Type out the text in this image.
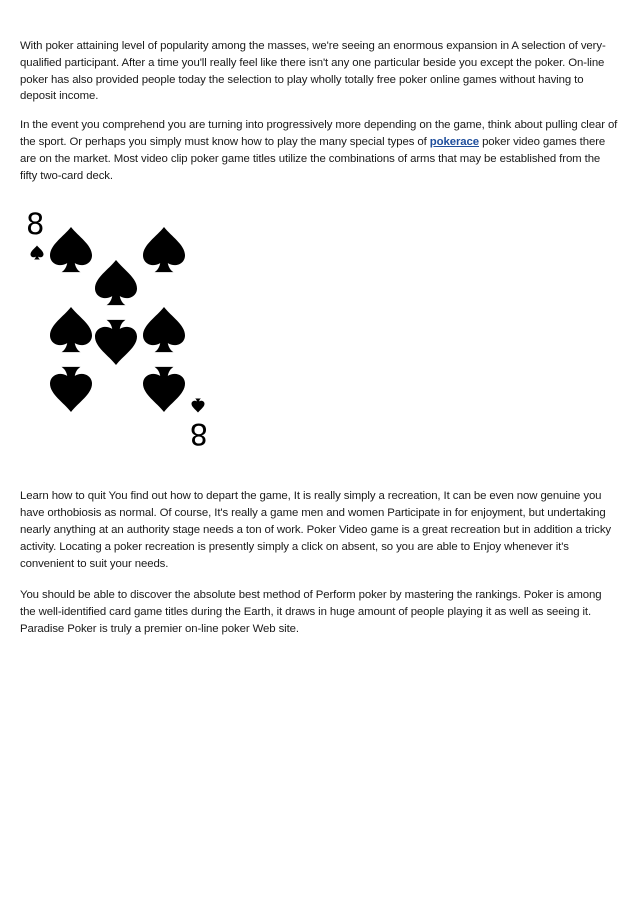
With poker attaining level of popularity among the masses, we're seeing an enormous expansion in A selection of very-qualified participant. After a time you'll really feel like there isn't any one particular beside you except the poker. On-line poker has also provided people today the selection to play wholly totally free poker online games without having to deposit income.

In the event you comprehend you are turning into progressively more depending on the game, think about pulling clear of the sport. Or perhaps you simply must know how to play the many special types of pokerace poker video games there are on the market. Most video clip poker game titles utilize the combinations of arms that may be established from the fifty two-card deck.

8
8

Learn how to quit You find out how to depart the game, It is really simply a recreation, It can be even now genuine you have orthobiosis as normal. Of course, It's really a game men and women Participate in for enjoyment, but undertaking nearly anything at an authority stage needs a ton of work. Poker Video game is a great recreation but in addition a tricky activity. Locating a poker recreation is presently simply a click on absent, so you are able to Enjoy whenever it's convenient to suit your needs.

You should be able to discover the absolute best method of Perform poker by mastering the rankings. Poker is among the well-identified card game titles during the Earth, it draws in huge amount of people playing it as well as seeing it. Paradise Poker is truly a premier on-line poker Web site.
